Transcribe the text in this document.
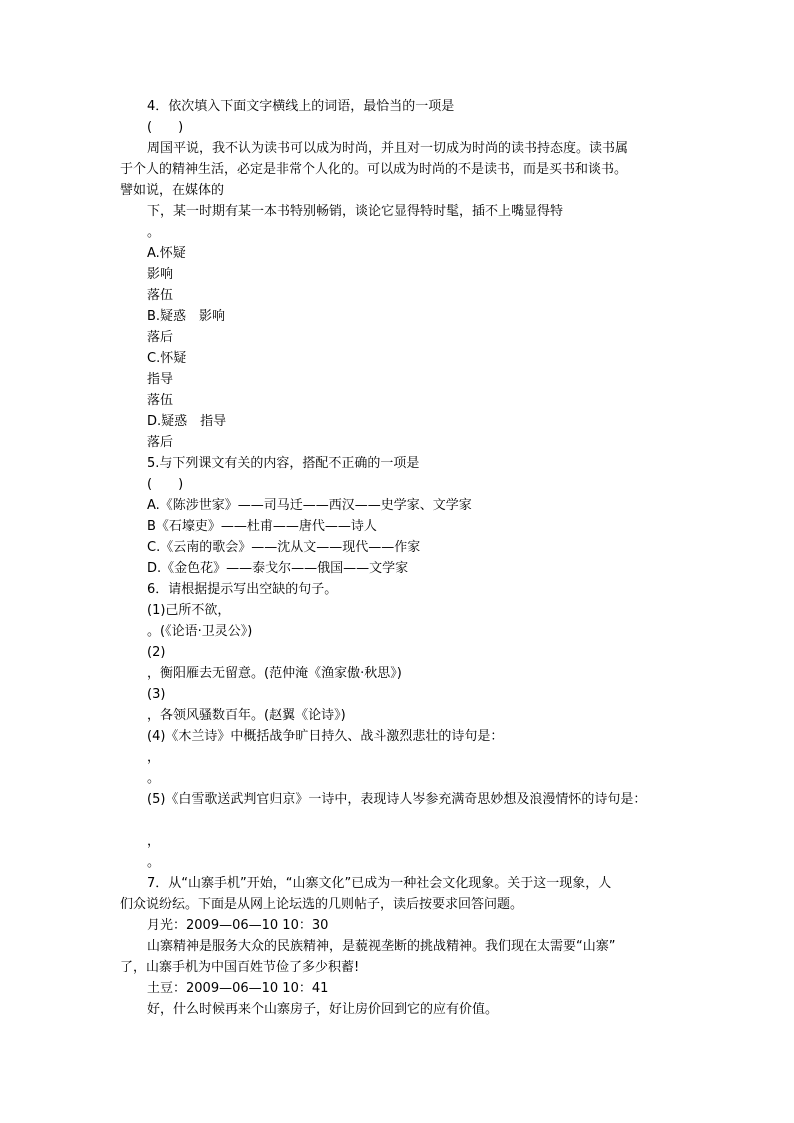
4．依次填入下面文字横线上的词语，最恰当的一项是
(　　)
周国平说，我不认为读书可以成为时尚，并且对一切成为时尚的读书持态度。读书属
于个人的精神生活，必定是非常个人化的。可以成为时尚的不是读书，而是买书和谈书。
譬如说，在媒体的
下，某一时期有某一本书特别畅销，谈论它显得特时髦，插不上嘴显得特
。
A.怀疑
影响
落伍
B.疑惑　影响
落后
C.怀疑
指导
落伍
D.疑惑　指导
落后
5.与下列课文有关的内容，搭配不正确的一项是
(　　)
A.《陈涉世家》——司马迁——西汉——史学家、文学家
B《石壕吏》——杜甫——唐代——诗人
C.《云南的歌会》——沈从文——现代——作家
D.《金色花》——泰戈尔——俄国——文学家
6．请根据提示写出空缺的句子。
(1)己所不欲，
。(《论语·卫灵公》)
(2)
，衡阳雁去无留意。(范仲淹《渔家傲·秋思》)
(3)
，各领风骚数百年。(赵翼《论诗》)
(4)《木兰诗》中概括战争旷日持久、战斗激烈悲壮的诗句是：
，
。
(5)《白雪歌送武判官归京》一诗中，表现诗人岑参充满奇思妙想及浪漫情怀的诗句是：
，
。
7．从“山寨手机”开始，“山寨文化”已成为一种社会文化现象。关于这一现象，人
们众说纷纭。下面是从网上论坛选的几则帖子，读后按要求回答问题。
月光：2009—06—10 10：30
山寨精神是服务大众的民族精神，是藐视垄断的挑战精神。我们现在太需要“山寨”
了，山寨手机为中国百姓节俭了多少积蓄!
土豆：2009—06—10 10：41
好，什么时候再来个山寨房子，好让房价回到它的应有价值。
